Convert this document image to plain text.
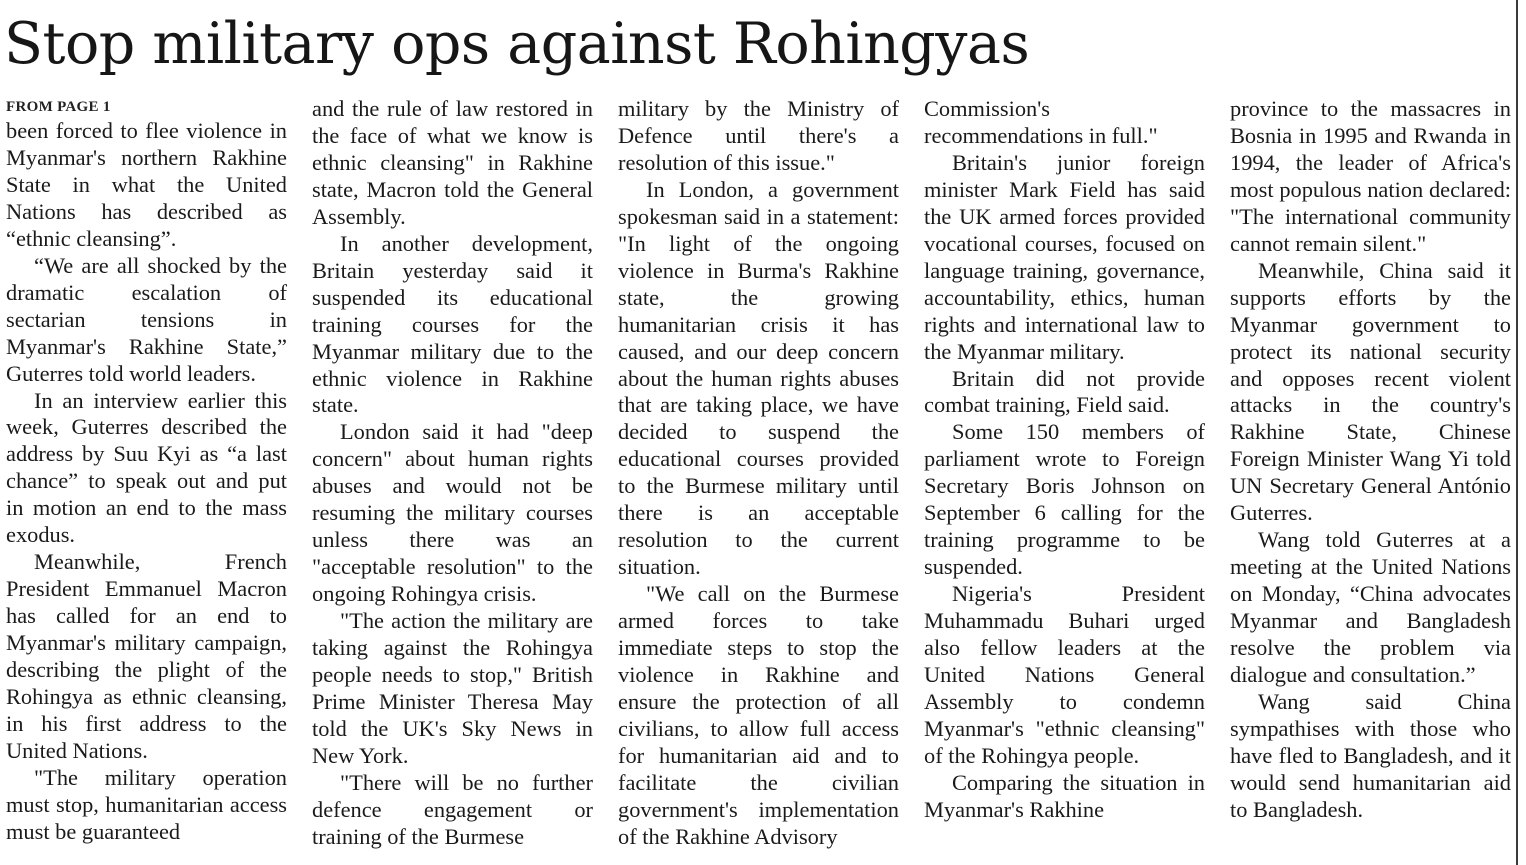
Stop military ops against Rohingyas
FROM PAGE 1

been forced to flee violence in Myanmar's northern Rakhine State in what the United Nations has described as “ethnic cleansing”.

“We are all shocked by the dramatic escalation of sectarian tensions in Myanmar's Rakhine State,” Guterres told world leaders.

In an interview earlier this week, Guterres described the address by Suu Kyi as “a last chance” to speak out and put in motion an end to the mass exodus.

Meanwhile, French President Emmanuel Macron has called for an end to Myanmar's military campaign, describing the plight of the Rohingya as ethnic cleansing, in his first address to the United Nations.

"The military operation must stop, humanitarian access must be guaranteed

and the rule of law restored in the face of what we know is ethnic cleansing" in Rakhine state, Macron told the General Assembly.

In another development, Britain yesterday said it suspended its educational training courses for the Myanmar military due to the ethnic violence in Rakhine state.

London said it had "deep concern" about human rights abuses and would not be resuming the military courses unless there was an "acceptable resolution" to the ongoing Rohingya crisis.

"The action the military are taking against the Rohingya people needs to stop," British Prime Minister Theresa May told the UK's Sky News in New York.

"There will be no further defence engagement or training of the Burmese

military by the Ministry of Defence until there's a resolution of this issue."

In London, a government spokesman said in a statement: "In light of the ongoing violence in Burma's Rakhine state, the growing humanitarian crisis it has caused, and our deep concern about the human rights abuses that are taking place, we have decided to suspend the educational courses provided to the Burmese military until there is an acceptable resolution to the current situation.

"We call on the Burmese armed forces to take immediate steps to stop the violence in Rakhine and ensure the protection of all civilians, to allow full access for humanitarian aid and to facilitate the civilian government's implementation of the Rakhine Advisory

Commission's recommendations in full."

Britain's junior foreign minister Mark Field has said the UK armed forces provided vocational courses, focused on language training, governance, accountability, ethics, human rights and international law to the Myanmar military.

Britain did not provide combat training, Field said.

Some 150 members of parliament wrote to Foreign Secretary Boris Johnson on September 6 calling for the training programme to be suspended.

Nigeria's President Muhammadu Buhari urged also fellow leaders at the United Nations General Assembly to condemn Myanmar's "ethnic cleansing" of the Rohingya people.

Comparing the situation in Myanmar's Rakhine

province to the massacres in Bosnia in 1995 and Rwanda in 1994, the leader of Africa's most populous nation declared: "The international community cannot remain silent."

Meanwhile, China said it supports efforts by the Myanmar government to protect its national security and opposes recent violent attacks in the country's Rakhine State, Chinese Foreign Minister Wang Yi told UN Secretary General António Guterres.

Wang told Guterres at a meeting at the United Nations on Monday, “China advocates Myanmar and Bangladesh resolve the problem via dialogue and consultation.”

Wang said China sympathises with those who have fled to Bangladesh, and it would send humanitarian aid to Bangladesh.
